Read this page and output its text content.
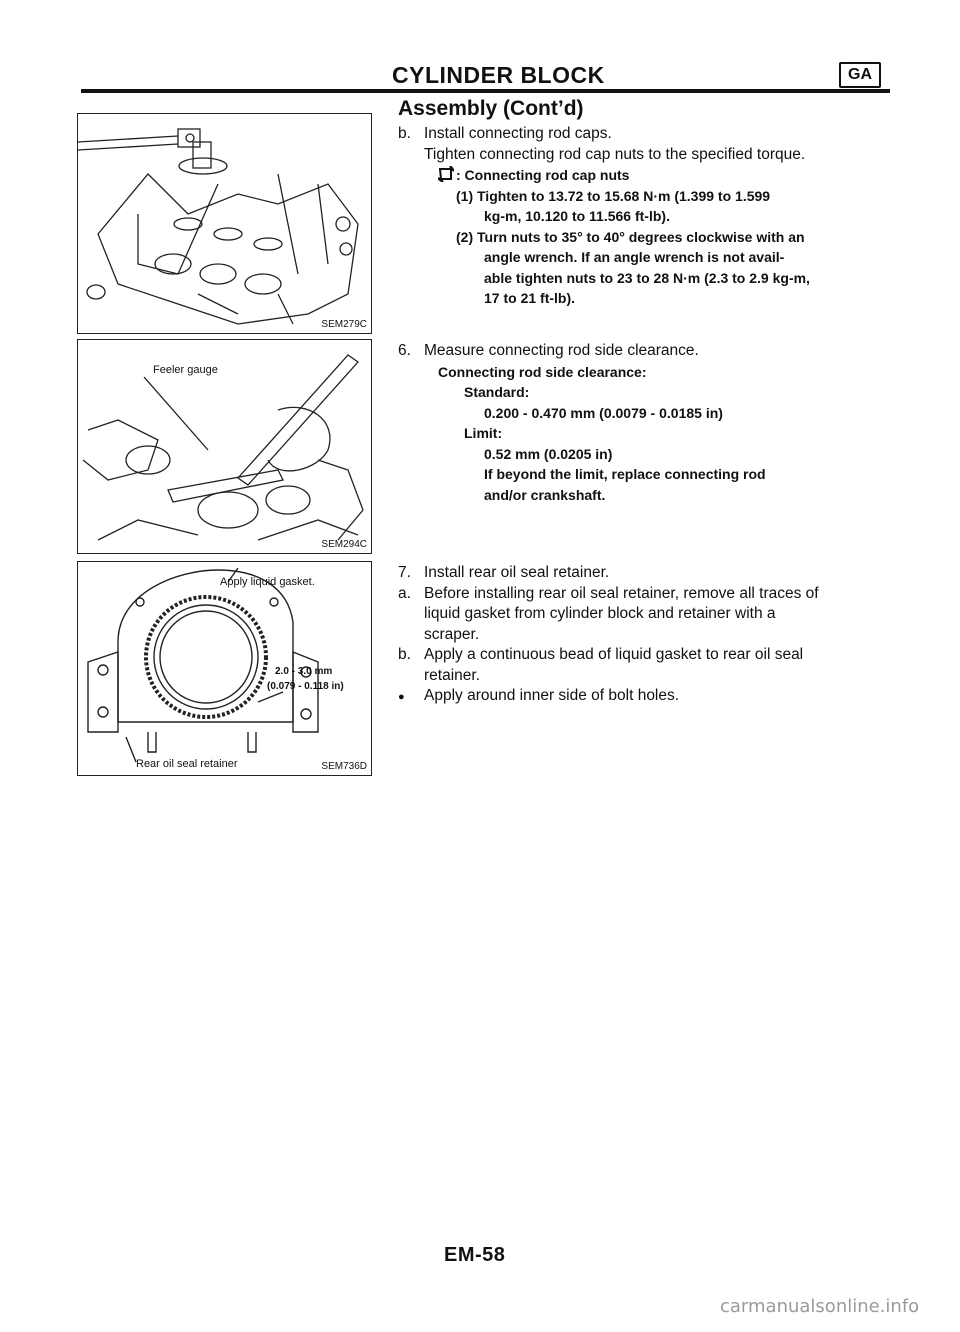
CYLINDER BLOCK	GA
Assembly (Cont’d)
SEM279C
Feeler gauge
SEM294C
Apply liquid gasket.
2.0 - 3.0 mm
(0.079 - 0.118 in)
Rear oil seal retainer	SEM736D
b. Install connecting rod caps.
Tighten connecting rod cap nuts to the specified torque.
: Connecting rod cap nuts
(1) Tighten to 13.72 to 15.68 N·m (1.399 to 1.599
kg-m, 10.120 to 11.566 ft-lb).
(2) Turn nuts to 35° to 40° degrees clockwise with an
angle wrench. If an angle wrench is not avail-
able tighten nuts to 23 to 28 N·m (2.3 to 2.9 kg-m,
17 to 21 ft-lb).
6. Measure connecting rod side clearance.
Connecting rod side clearance:
Standard:
0.200 - 0.470 mm (0.0079 - 0.0185 in)
Limit:
0.52 mm (0.0205 in)
If beyond the limit, replace connecting rod
and/or crankshaft.
7. Install rear oil seal retainer.
a. Before installing rear oil seal retainer, remove all traces of
liquid gasket from cylinder block and retainer with a
scraper.
b. Apply a continuous bead of liquid gasket to rear oil seal
retainer.
● Apply around inner side of bolt holes.
EM-58
carmanualsonline.info
